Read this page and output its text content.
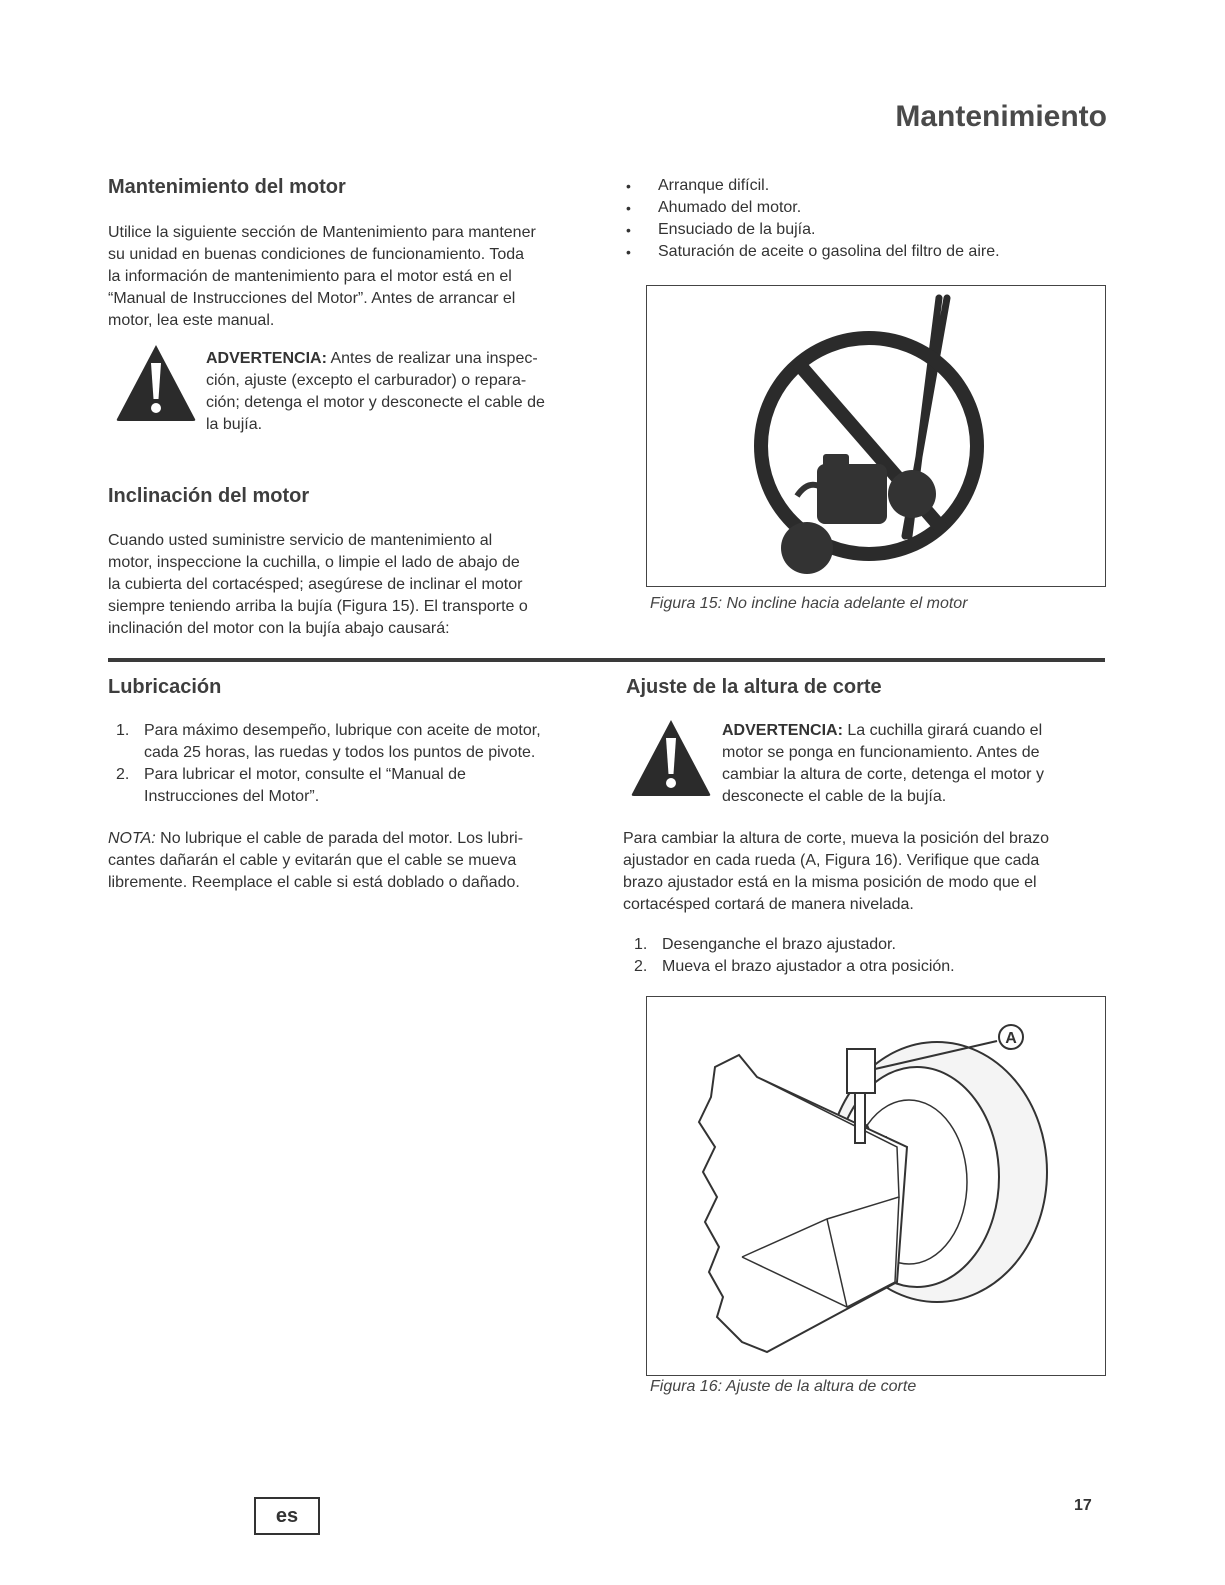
Mantenimiento
Mantenimiento del motor

Utilice la siguiente sección de Mantenimiento para mantener
su unidad en buenas condiciones de funcionamiento. Toda
la información de mantenimiento para el motor está en el
“Manual de Instrucciones del Motor”. Antes de arrancar el
motor, lea este manual.

ADVERTENCIA: Antes de realizar una inspec-
ción, ajuste (excepto el carburador) o repara-
ción; detenga el motor y desconecte el cable de
la bujía.
Inclinación del motor

Cuando usted suministre servicio de mantenimiento al
motor, inspeccione la cuchilla, o limpie el lado de abajo de
la cubierta del cortacésped; asegúrese de inclinar el motor
siempre teniendo arriba la bujía (Figura 15). El transporte o
inclinación del motor con la bujía abajo causará:

• Arranque difícil.
• Ahumado del motor.
• Ensuciado de la bujía.
• Saturación de aceite o gasolina del filtro de aire.
Figura 15: No incline hacia adelante el motor
Lubricación
1. Para máximo desempeño, lubrique con aceite de motor,
cada 25 horas, las ruedas y todos los puntos de pivote.
2. Para lubricar el motor, consulte el “Manual de
Instrucciones del Motor”.

NOTA: No lubrique el cable de parada del motor. Los lubri-
cantes dañarán el cable y evitarán que el cable se mueva
libremente. Reemplace el cable si está doblado o dañado.

Ajuste de la altura de corte
ADVERTENCIA: La cuchilla girará cuando el
motor se ponga en funcionamiento. Antes de
cambiar la altura de corte, detenga el motor y
desconecte el cable de la bujía.

Para cambiar la altura de corte, mueva la posición del brazo
ajustador en cada rueda (A, Figura 16). Verifique que cada
brazo ajustador está en la misma posición de modo que el
cortacésped cortará de manera nivelada.

1. Desenganche el brazo ajustador.
2. Mueva el brazo ajustador a otra posición.
A
Figura 16: Ajuste de la altura de corte
es	17
